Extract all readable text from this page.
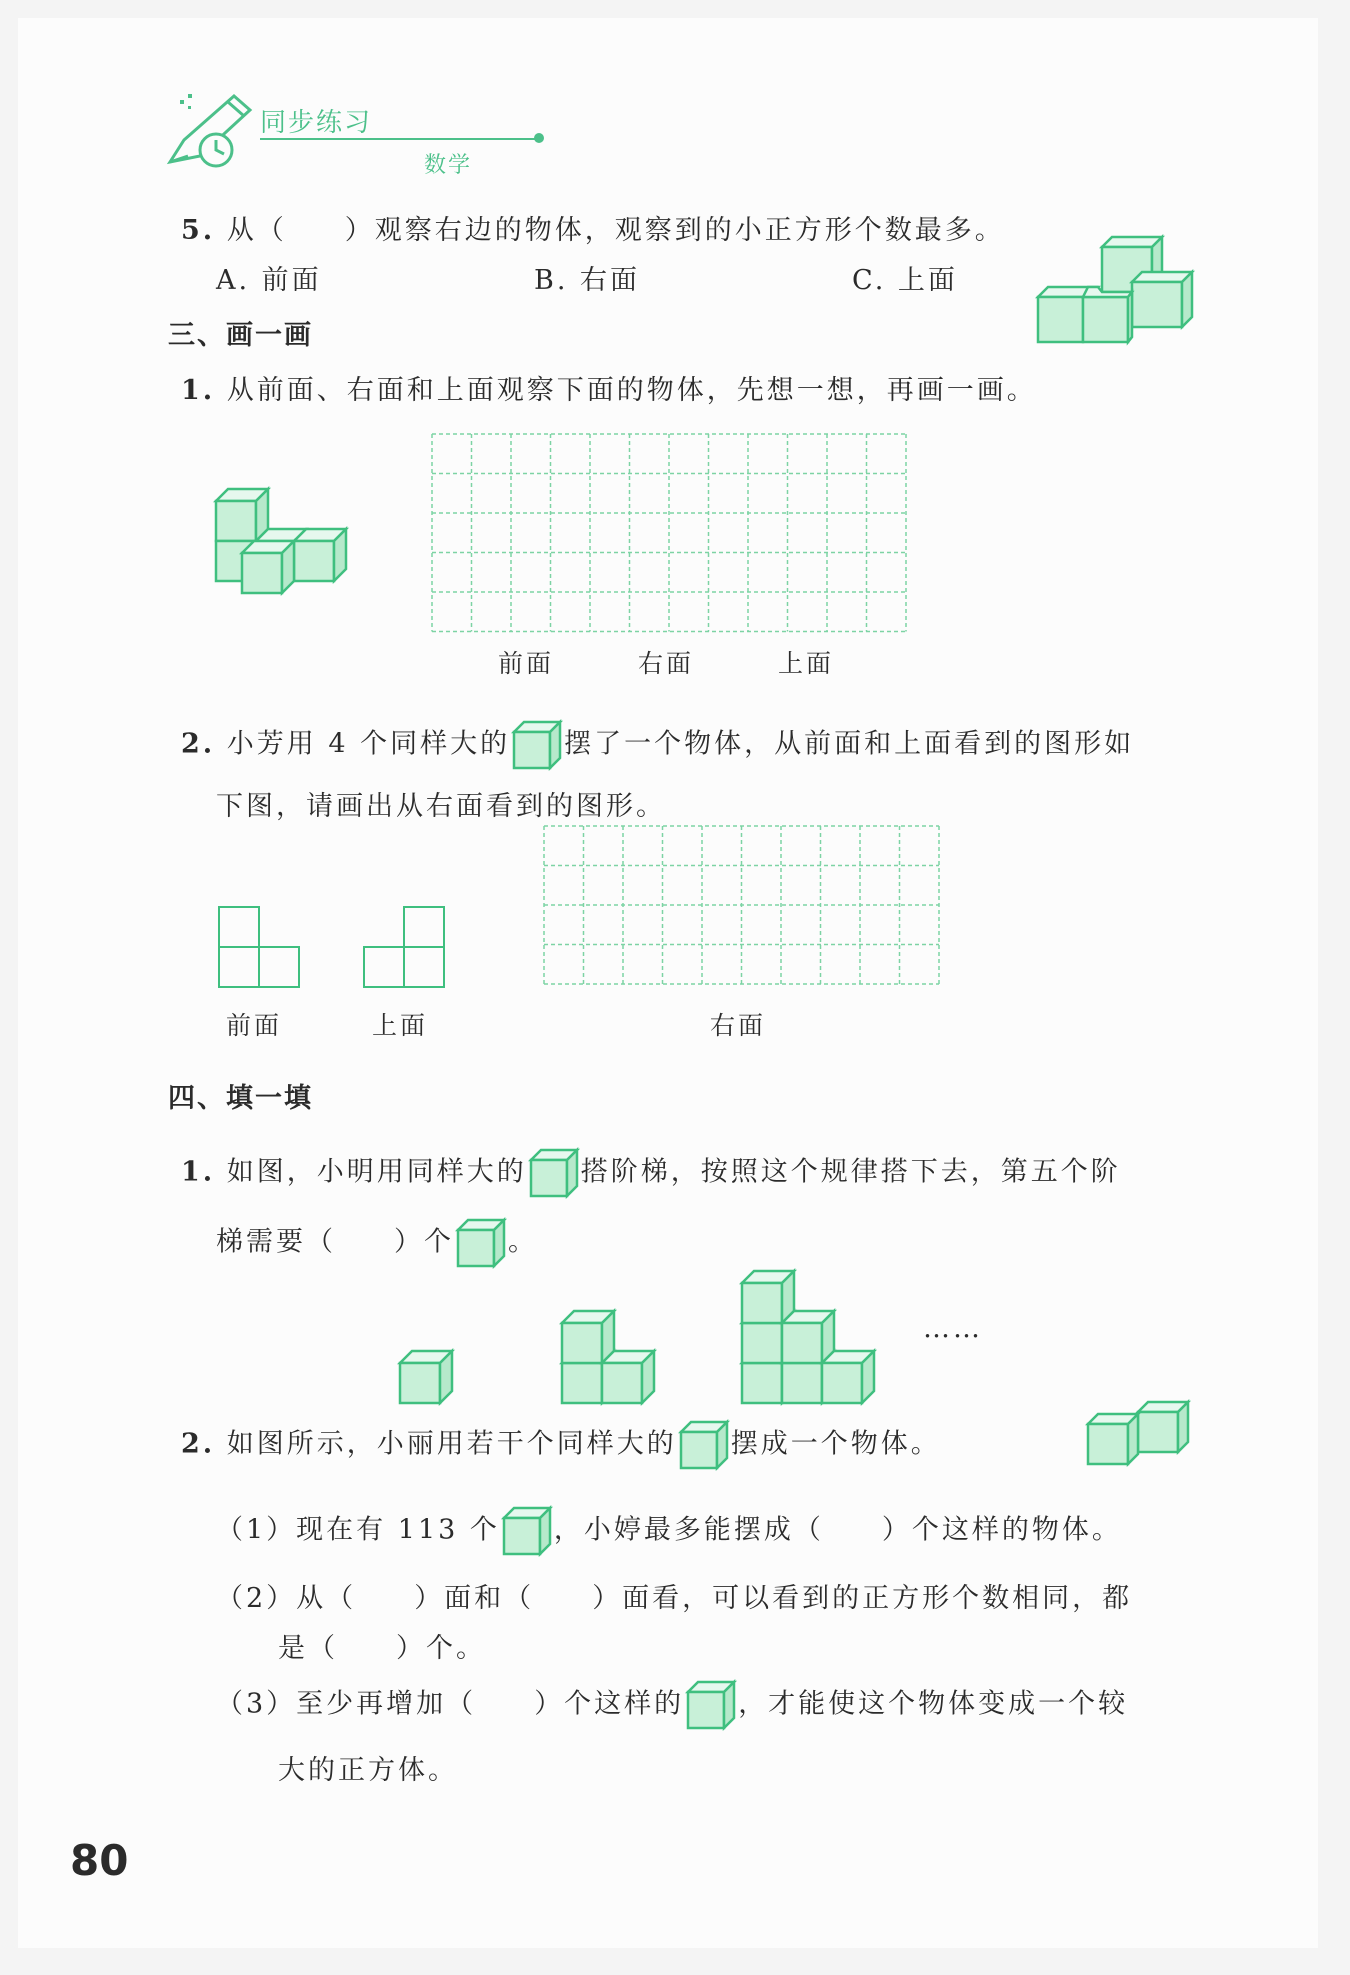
同步练习
数学
5. 从（ ）观察右边的物体，观察到的小正方形个数最多。
A. 前面	B. 右面	C. 上面
三、画一画
1. 从前面、右面和上面观察下面的物体，先想一想，再画一画。
前面	右面	上面
2. 小芳用 4 个同样大的 摆了一个物体，从前面和上面看到的图形如
下图，请画出从右面看到的图形。
前面	上面	右面
四、填一填
1. 如图，小明用同样大的 搭阶梯，按照这个规律搭下去，第五个阶
梯需要（ ）个 。
……
2. 如图所示，小丽用若干个同样大的 摆成一个物体。
（1）现在有 113 个 ，小婷最多能摆成（ ）个这样的物体。
（2）从（ ）面和（ ）面看，可以看到的正方形个数相同，都
是（ ）个。
（3）至少再增加（ ）个这样的 ，才能使这个物体变成一个较
大的正方体。
80
